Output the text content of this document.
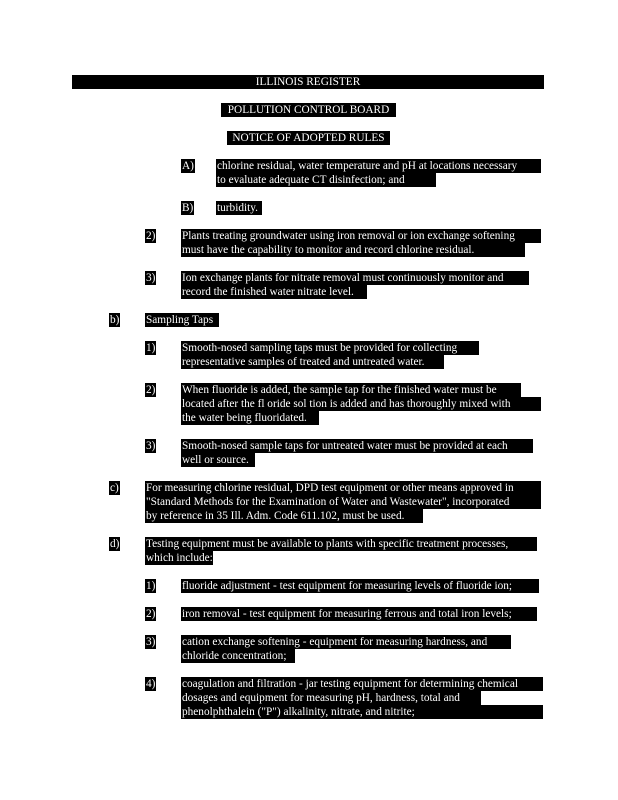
ILLINOIS REGISTER
POLLUTION CONTROL BOARD
NOTICE OF ADOPTED RULES
A) chlorine residual, water temperature and pH at locations necessary
to evaluate adequate CT disinfection; and
B) turbidity.
2) Plants treating groundwater using iron removal or ion exchange softening
must have the capability to monitor and record chlorine residual.
3) Ion exchange plants for nitrate removal must continuously monitor and
record the finished water nitrate level.
b) Sampling Taps
1) Smooth-nosed sampling taps must be provided for collecting
representative samples of treated and untreated water.
2) When fluoride is added, the sample tap for the finished water must be
located after the fl oride sol tion is added and has thoroughly mixed with
the water being fluoridated.
3) Smooth-nosed sample taps for untreated water must be provided at each
well or source.
c) For measuring chlorine residual, DPD test equipment or other means approved in
"Standard Methods for the Examination of Water and Wastewater", incorporated
by reference in 35 Ill. Adm. Code 611.102, must be used.
d) Testing equipment must be available to plants with specific treatment processes,
which include:
1) fluoride adjustment - test equipment for measuring levels of fluoride ion;
2) iron removal - test equipment for measuring ferrous and total iron levels;
3) cation exchange softening - equipment for measuring hardness, and
chloride concentration;
4) coagulation and filtration - jar testing equipment for determining chemical
dosages and equipment for measuring pH, hardness, total and
phenolphthalein ("P") alkalinity, nitrate, and nitrite;
